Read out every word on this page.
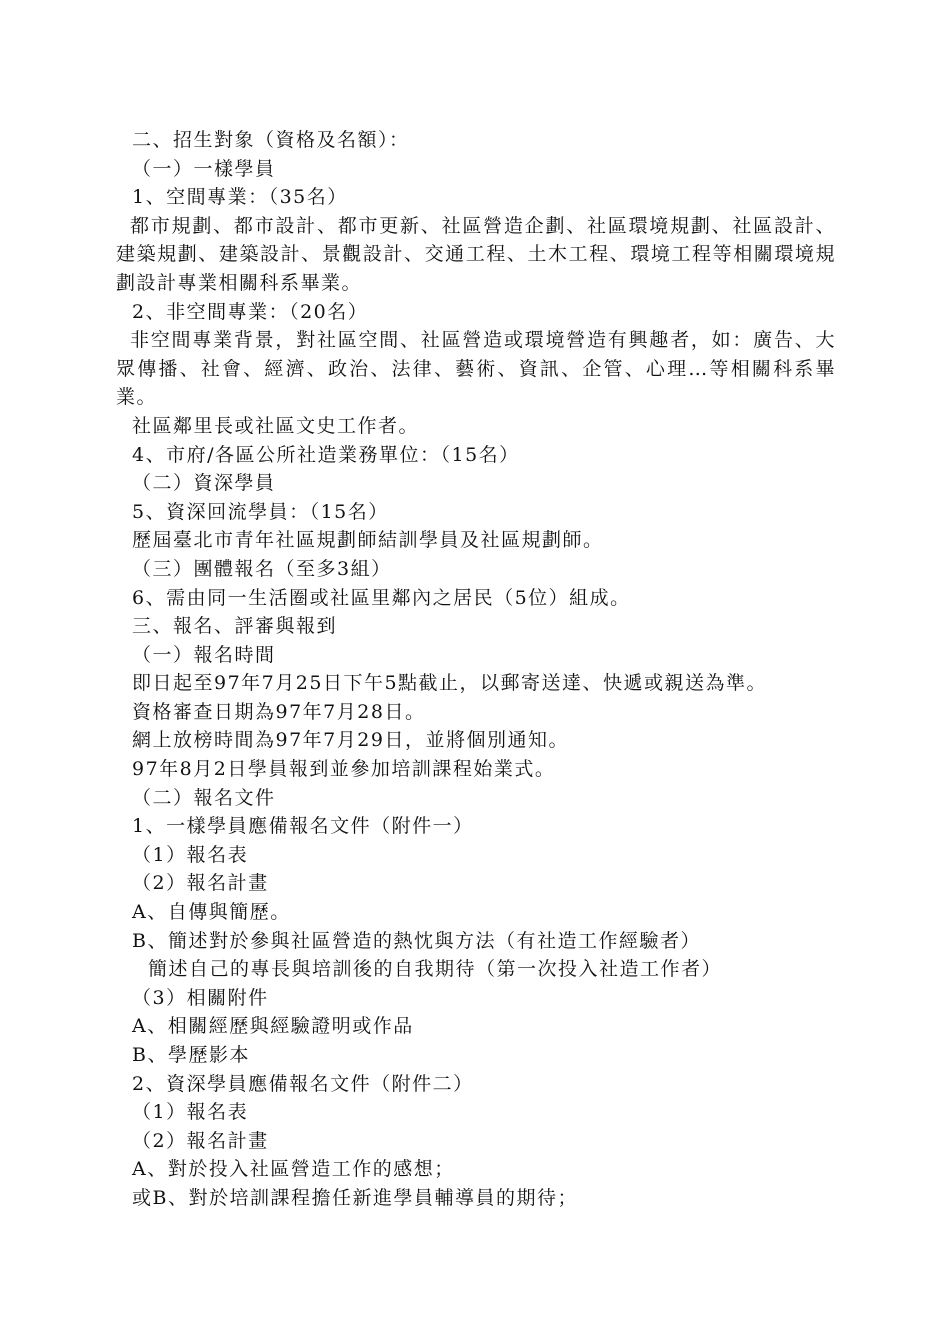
二、招生對象（資格及名額）：
（一）一樣學員
1、空間專業：（35名）
都市規劃、都市設計、都市更新、社區營造企劃、社區環境規劃、社區設計、建築規劃、建築設計、景觀設計、交通工程、土木工程、環境工程等相關環境規劃設計專業相關科系畢業。
2、非空間專業：（20名）
非空間專業背景，對社區空間、社區營造或環境營造有興趣者，如：廣告、大眾傳播、社會、經濟、政治、法律、藝術、資訊、企管、心理…等相關科系畢業。
社區鄰里長或社區文史工作者。
4、市府/各區公所社造業務單位：（15名）
（二）資深學員
5、資深回流學員：（15名）
歷屆臺北市青年社區規劃師結訓學員及社區規劃師。
（三）團體報名（至多3組）
6、需由同一生活圈或社區里鄰內之居民（5位）組成。
三、報名、評審與報到
（一）報名時間
即日起至97年7月25日下午5點截止，以郵寄送達、快遞或親送為準。
資格審查日期為97年7月28日。
網上放榜時間為97年7月29日，並將個別通知。
97年8月2日學員報到並參加培訓課程始業式。
（二）報名文件
1、一樣學員應備報名文件（附件一）
（1）報名表
（2）報名計畫
A、自傳與簡歷。
B、簡述對於參與社區營造的熱忱與方法（有社造工作經驗者）
簡述自己的專長與培訓後的自我期待（第一次投入社造工作者）
（3）相關附件
A、相關經歷與經驗證明或作品
B、學歷影本
2、資深學員應備報名文件（附件二）
（1）報名表
（2）報名計畫
A、對於投入社區營造工作的感想；
或B、對於培訓課程擔任新進學員輔導員的期待；
